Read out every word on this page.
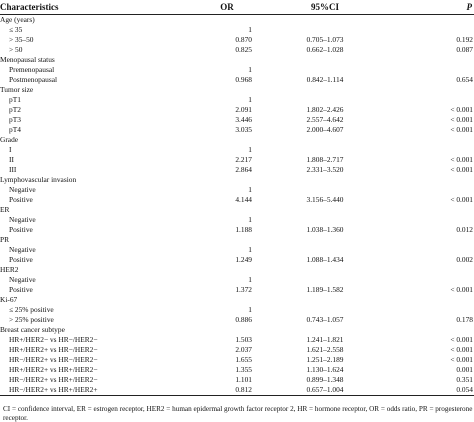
Characteristics	OR	95%CI	P
Age (years)			
≤ 35	1		
> 35–50	0.870	0.705–1.073	0.192
> 50	0.825	0.662–1.028	0.087
Menopausal status			
Premenopausal	1		
Postmenopausal	0.968	0.842–1.114	0.654
Tumor size			
pT1	1		
pT2	2.091	1.802–2.426	< 0.001
pT3	3.446	2.557–4.642	< 0.001
pT4	3.035	2.000–4.607	< 0.001
Grade			
I	1		
II	2.217	1.808–2.717	< 0.001
III	2.864	2.331–3.520	< 0.001
Lymphovascular invasion			
Negative	1		
Positive	4.144	3.156–5.440	< 0.001
ER			
Negative	1		
Positive	1.188	1.038–1.360	0.012
PR			
Negative	1		
Positive	1.249	1.088–1.434	0.002
HER2			
Negative	1		
Positive	1.372	1.189–1.582	< 0.001
Ki-67			
≤ 25% positive	1		
> 25% positive	0.886	0.743–1.057	0.178
Breast cancer subtype			
HR+/HER2− vs HR−/HER2−	1.503	1.241–1.821	< 0.001
HR+/HER2+ vs HR−/HER2−	2.037	1.621–2.558	< 0.001
HR−/HER2+ vs HR−/HER2−	1.655	1.251–2.189	< 0.001
HR+/HER2+ vs HR+/HER2−	1.355	1.130–1.624	0.001
HR−/HER2+ vs HR+/HER2−	1.101	0.899–1.348	0.351
HR−/HER2+ vs HR+/HER2+	0.812	0.657–1.004	0.054
CI = confidence interval, ER = estrogen receptor, HER2 = human epidermal growth factor receptor 2, HR = hormone receptor, OR = odds ratio, PR = progesterone receptor.
